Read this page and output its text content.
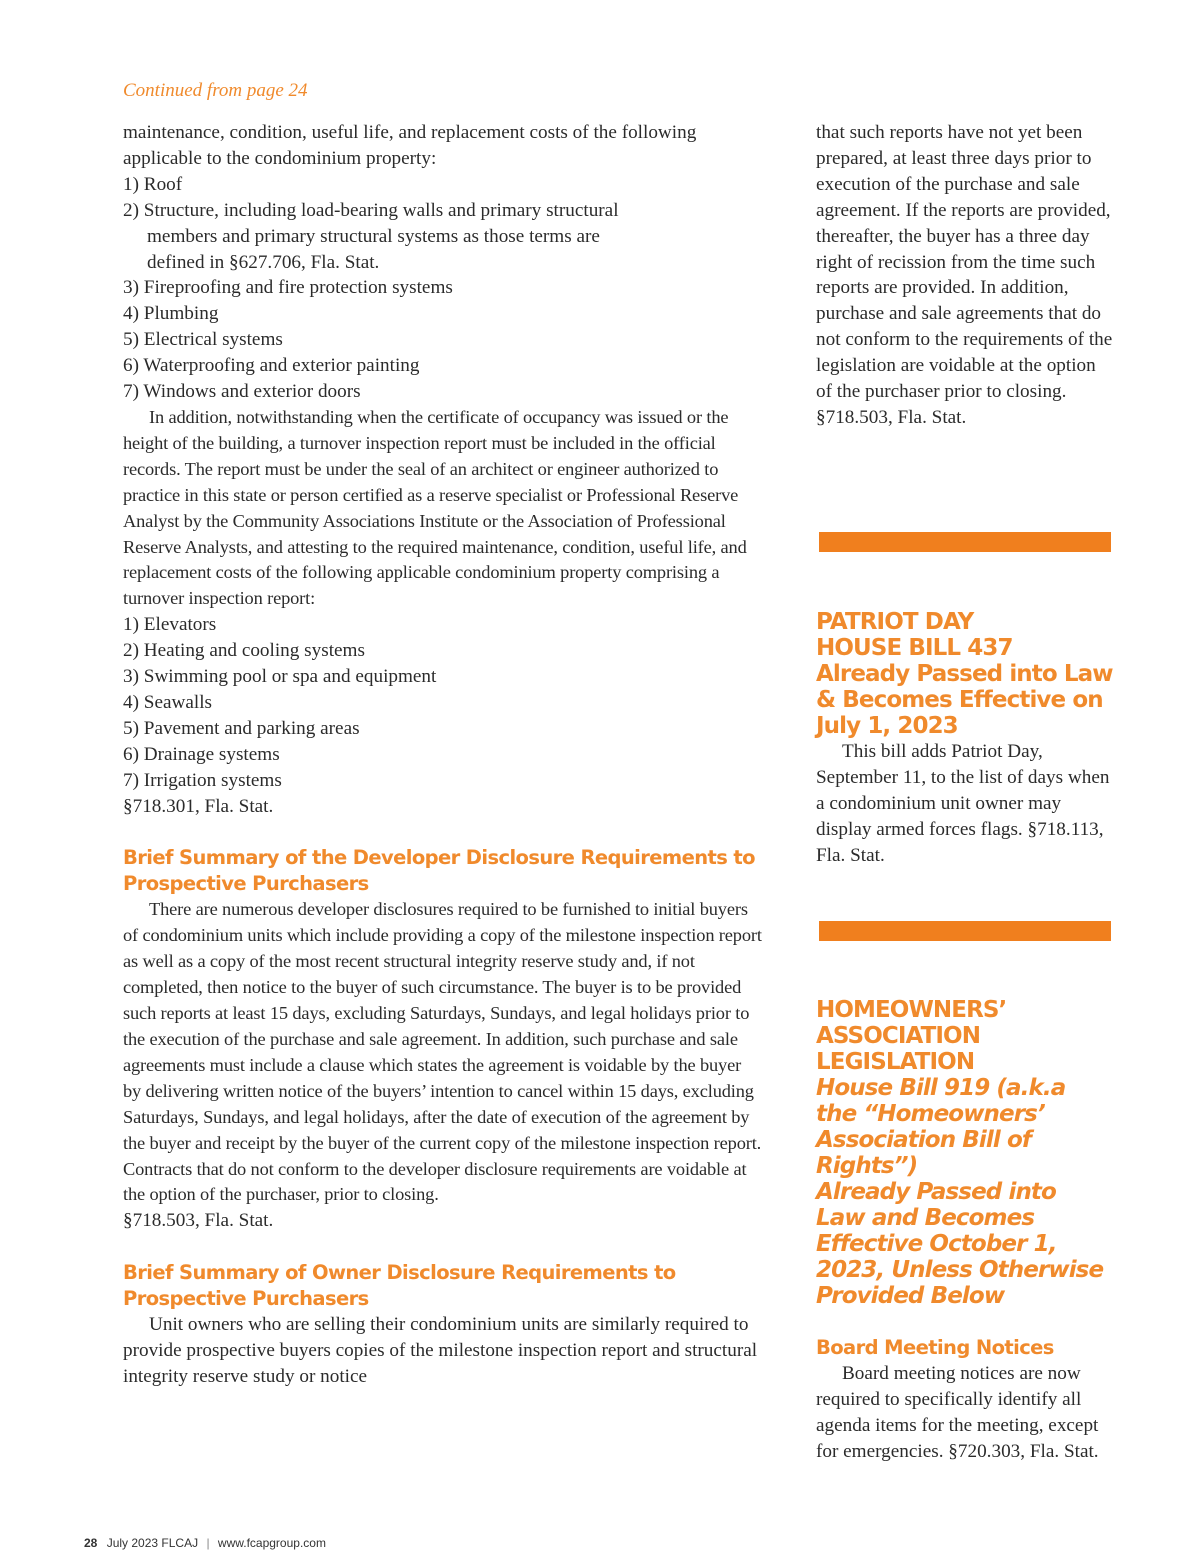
Continued from page 24

maintenance, condition, useful life, and replacement costs of the following applicable to the condominium property:

1) Roof

2) Structure, including load-bearing walls and primary structural

members and primary structural systems as those terms are

defined in §627.706, Fla. Stat.

3) Fireproofing and fire protection systems

4) Plumbing

5) Electrical systems

6) Waterproofing and exterior painting

7) Windows and exterior doors

In addition, notwithstanding when the certificate of occupancy was issued or the height of the building, a turnover inspection report must be included in the official records. The report must be under the seal of an architect or engineer authorized to practice in this state or person certified as a reserve specialist or Professional Reserve Analyst by the Community Associations Institute or the Association of Professional Reserve Analysts, and attesting to the required maintenance, condition, useful life, and replacement costs of the following applicable condominium property comprising a turnover inspection report:

1) Elevators

2) Heating and cooling systems

3) Swimming pool or spa and equipment

4) Seawalls

5) Pavement and parking areas

6) Drainage systems

7) Irrigation systems

§718.301, Fla. Stat.

Brief Summary of the Developer Disclosure Requirements to Prospective Purchasers

There are numerous developer disclosures required to be furnished to initial buyers of condominium units which include providing a copy of the milestone inspection report as well as a copy of the most recent structural integrity reserve study and, if not completed, then notice to the buyer of such circumstance. The buyer is to be provided such reports at least 15 days, excluding Saturdays, Sundays, and legal holidays prior to the execution of the purchase and sale agreement. In addition, such purchase and sale agreements must include a clause which states the agreement is voidable by the buyer by delivering written notice of the buyers’ intention to cancel within 15 days, excluding Saturdays, Sundays, and legal holidays, after the date of execution of the agreement by the buyer and receipt by the buyer of the current copy of the milestone inspection report. Contracts that do not conform to the developer disclosure requirements are voidable at the option of the purchaser, prior to closing.

§718.503, Fla. Stat.

Brief Summary of Owner Disclosure Requirements to Prospective Purchasers

Unit owners who are selling their condominium units are similarly required to provide prospective buyers copies of the milestone inspection report and structural integrity reserve study or notice

that such reports have not yet been prepared, at least three days prior to execution of the purchase and sale agreement. If the reports are provided, thereafter, the buyer has a three day right of recission from the time such reports are provided. In addition, purchase and sale agreements that do not conform to the requirements of the legislation are voidable at the option of the purchaser prior to closing. §718.503, Fla. Stat.

PATRIOT DAY
HOUSE BILL 437
Already Passed into Law
& Becomes Effective on
July 1, 2023

This bill adds Patriot Day, September 11, to the list of days when a condominium unit owner may display armed forces flags. §718.113, Fla. Stat.

HOMEOWNERS’
ASSOCIATION
LEGISLATION
House Bill 919 (a.k.a
the “Homeowners’
Association Bill of Rights”)
Already Passed into
Law and Becomes
Effective October 1,
2023, Unless Otherwise
Provided Below
Board Meeting Notices

Board meeting notices are now required to specifically identify all agenda items for the meeting, except for emergencies. §720.303, Fla. Stat.

28 July 2023 FLCAJ | www.fcapgroup.com
